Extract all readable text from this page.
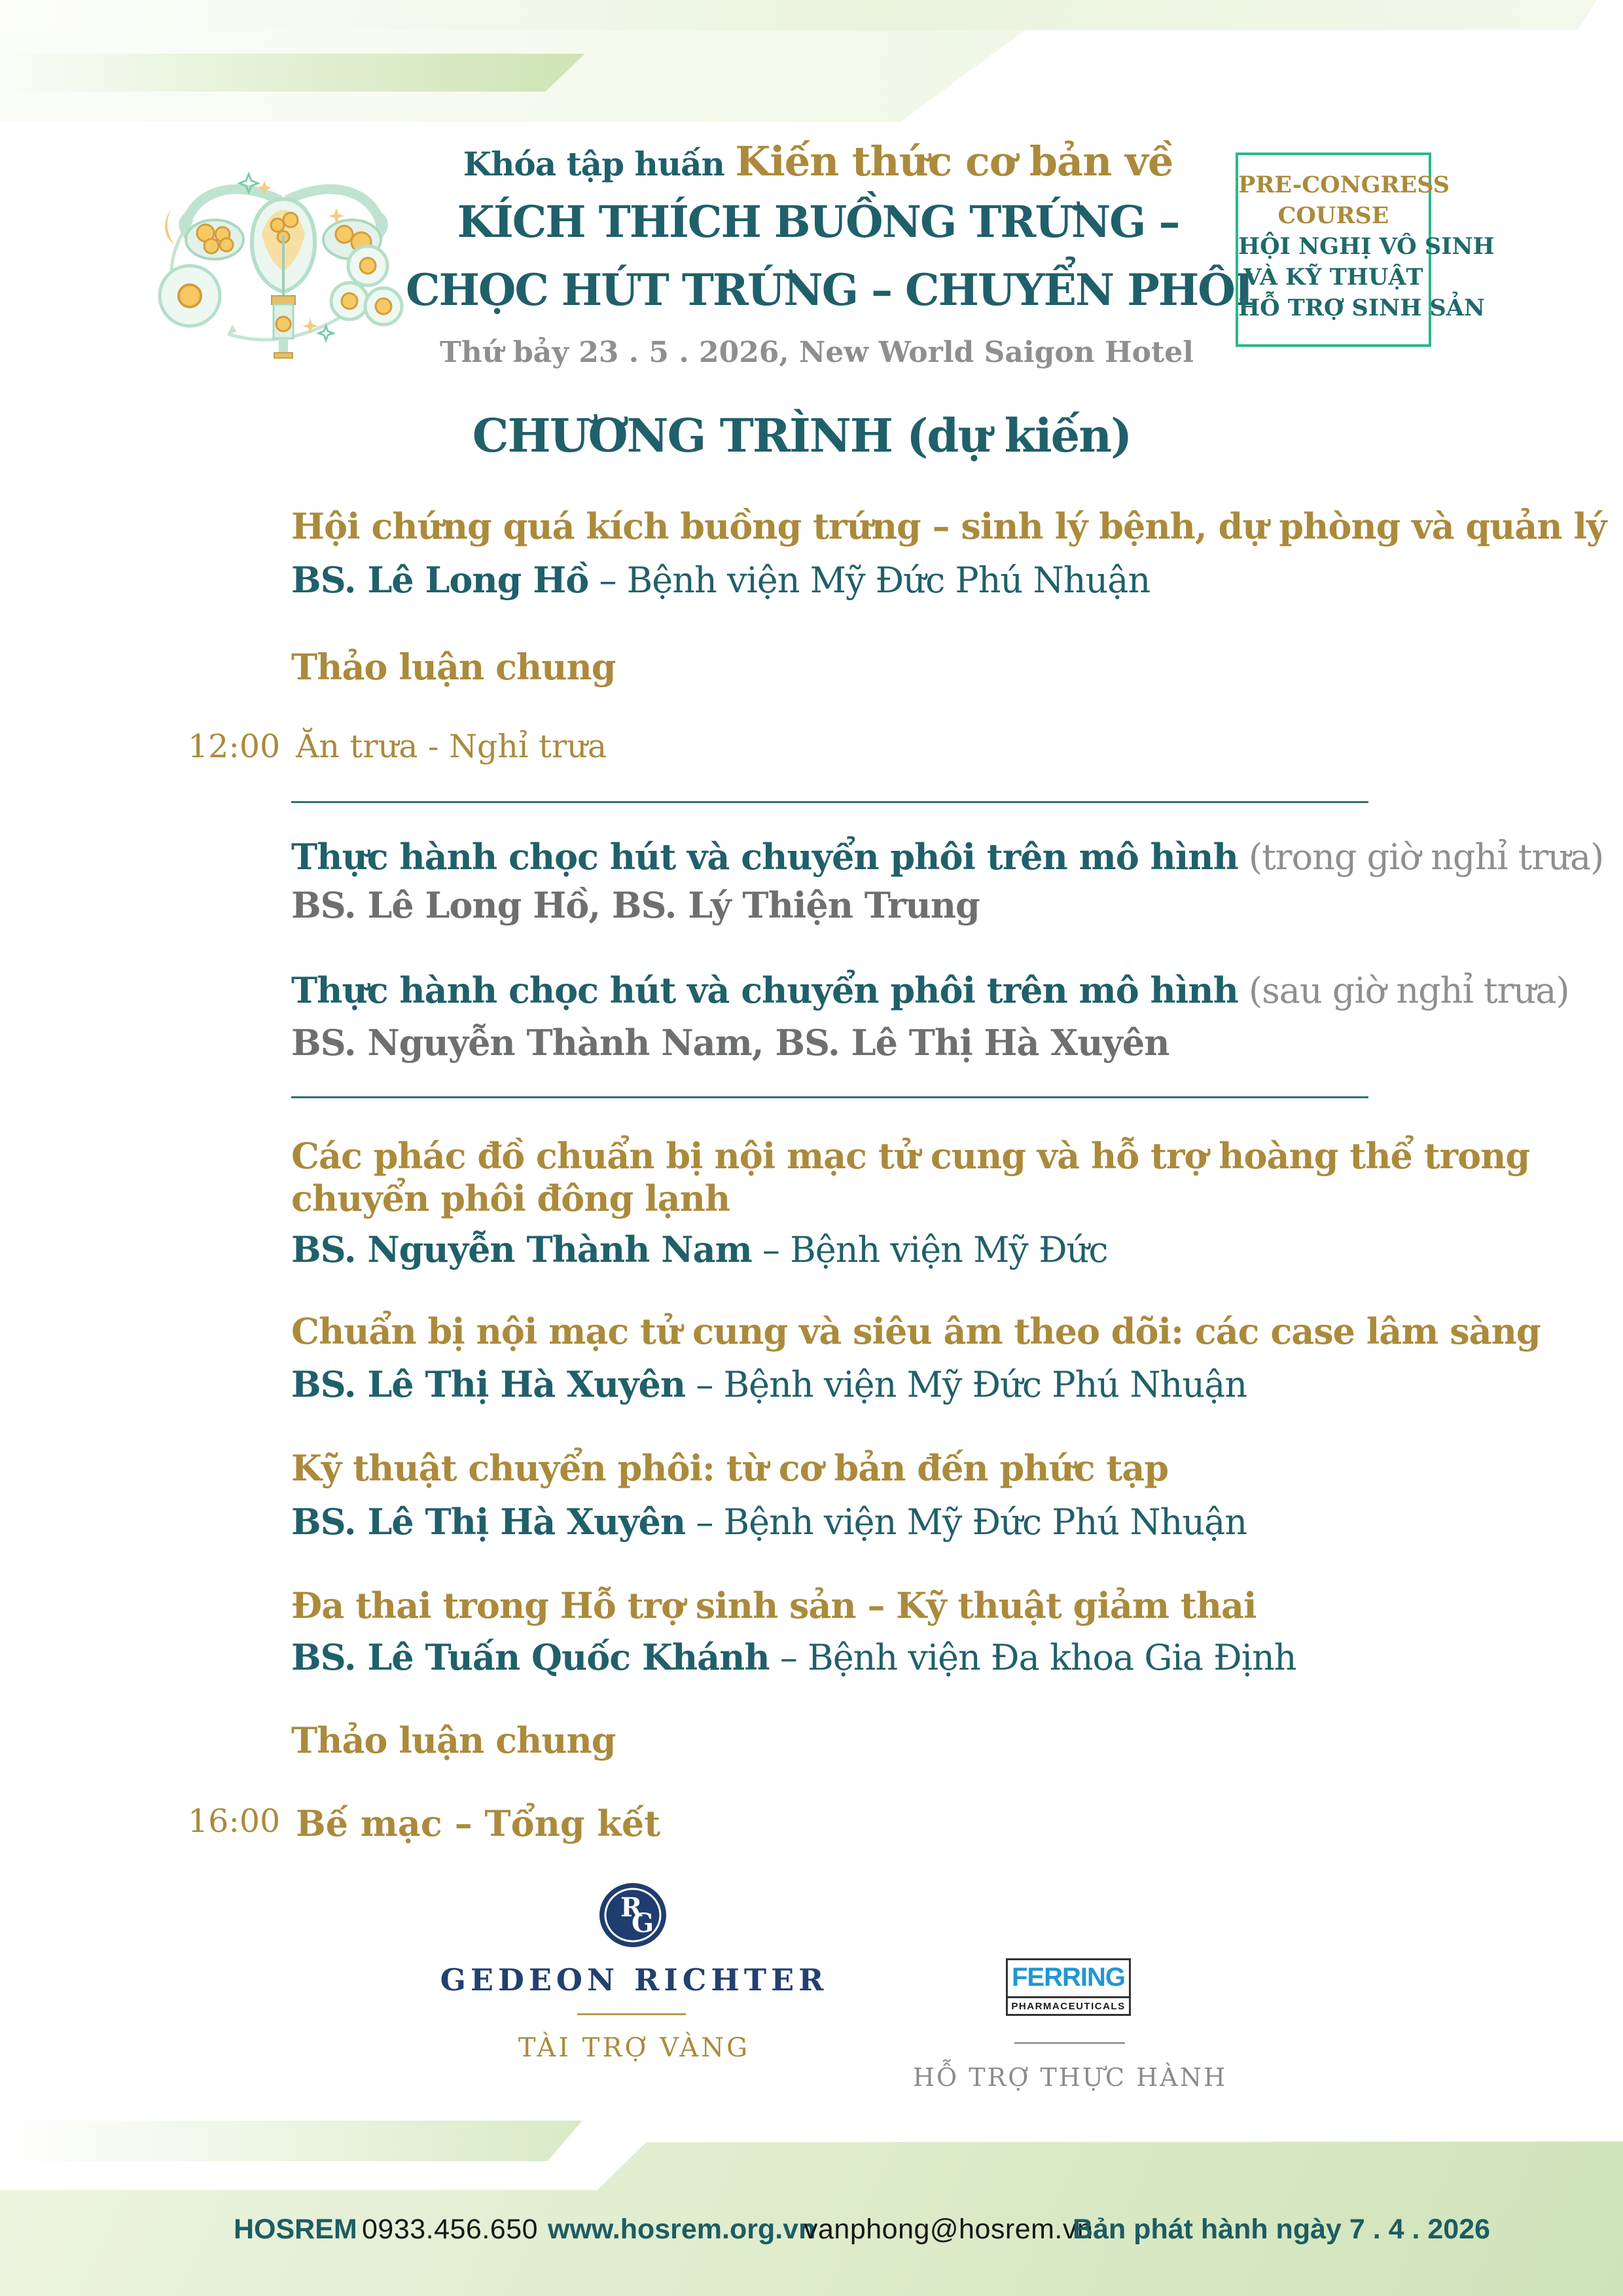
Khóa tập huấn Kiến thức cơ bản về
KÍCH THÍCH BUỒNG TRỨNG –
CHỌC HÚT TRỨNG – CHUYỂN PHÔI
Thứ bảy 23 . 5 . 2026, New World Saigon Hotel
PRE-CONGRESS
COURSE
HỘI NGHỊ VÔ SINH
VÀ KỸ THUẬT
HỖ TRỢ SINH SẢN
CHƯƠNG TRÌNH (dự kiến)
Hội chứng quá kích buồng trứng – sinh lý bệnh, dự phòng và quản lý
BS. Lê Long Hồ – Bệnh viện Mỹ Đức Phú Nhuận
Thảo luận chung
12:00 Ăn trưa - Nghỉ trưa
Thực hành chọc hút và chuyển phôi trên mô hình (trong giờ nghỉ trưa)
BS. Lê Long Hồ, BS. Lý Thiện Trung
Thực hành chọc hút và chuyển phôi trên mô hình (sau giờ nghỉ trưa)
BS. Nguyễn Thành Nam, BS. Lê Thị Hà Xuyên
Các phác đồ chuẩn bị nội mạc tử cung và hỗ trợ hoàng thể trong
chuyển phôi đông lạnh
BS. Nguyễn Thành Nam – Bệnh viện Mỹ Đức
Chuẩn bị nội mạc tử cung và siêu âm theo dõi: các case lâm sàng
BS. Lê Thị Hà Xuyên – Bệnh viện Mỹ Đức Phú Nhuận
Kỹ thuật chuyển phôi: từ cơ bản đến phức tạp
BS. Lê Thị Hà Xuyên – Bệnh viện Mỹ Đức Phú Nhuận
Đa thai trong Hỗ trợ sinh sản – Kỹ thuật giảm thai
BS. Lê Tuấn Quốc Khánh – Bệnh viện Đa khoa Gia Định
Thảo luận chung
16:00 Bế mạc – Tổng kết
R
G
GEDEON RICHTER
TÀI TRỢ VÀNG
FERRING
PHARMACEUTICALS
HỖ TRỢ THỰC HÀNH
HOSREM 0933.456.650 www.hosrem.org.vn
vanphong@hosrem.vn
Bản phát hành ngày 7 . 4 . 2026
